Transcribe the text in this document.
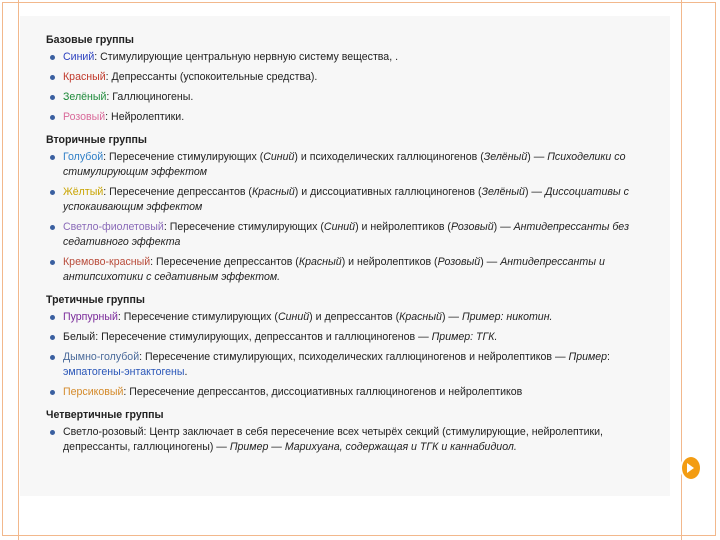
Базовые группы
Синий: Стимулирующие центральную нервную систему вещества, .
Красный: Депрессанты (успокоительные средства).
Зелёный: Галлюциногены.
Розовый: Нейролептики.
Вторичные группы
Голубой: Пересечение стимулирующих (Синий) и психоделических галлюциногенов (Зелёный) — Психоделики со стимулирующим эффектом
Жёлтый: Пересечение депрессантов (Красный) и диссоциативных галлюциногенов (Зелёный) — Диссоциативы с успокаивающим эффектом
Светло-фиолетовый: Пересечение стимулирующих (Синий) и нейролептиков (Розовый) — Антидепрессанты без седативного эффекта
Кремово-красный: Пересечение депрессантов (Красный) и нейролептиков (Розовый) — Антидепрессанты и антипсихотики с седативным эффектом.
Третичные группы
Пурпурный: Пересечение стимулирующих (Синий) и депрессантов (Красный) — Пример: никотин.
Белый: Пересечение стимулирующих, депрессантов и галлюциногенов — Пример: ТГК.
Дымно-голубой: Пересечение стимулирующих, психоделических галлюциногенов и нейролептиков — Пример: эмпатогены-энтактогены.
Персиковый: Пересечение депрессантов, диссоциативных галлюциногенов и нейролептиков
Четвертичные группы
Светло-розовый: Центр заключает в себя пересечение всех четырёх секций (стимулирующие, нейролептики, депрессанты, галлюциногены) — Пример — Марихуана, содержащая и ТГК и каннабидиол.
